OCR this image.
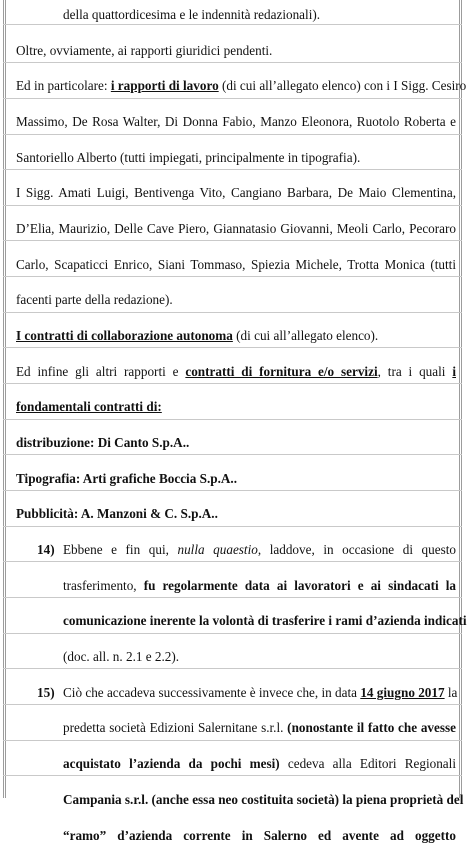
della quattordicesima e le indennità redazionali).
Oltre, ovviamente, ai rapporti giuridici pendenti.
Ed in particolare: i rapporti di lavoro (di cui all’allegato elenco) con i I Sigg. Cesiro
Massimo, De Rosa Walter, Di Donna Fabio, Manzo Eleonora, Ruotolo Roberta e
Santoriello Alberto (tutti impiegati, principalmente in tipografia).
I Sigg. Amati Luigi, Bentivenga Vito, Cangiano Barbara, De Maio Clementina,
D’Elia, Maurizio, Delle Cave Piero, Giannatasio Giovanni, Meoli Carlo, Pecoraro
Carlo, Scapaticci Enrico, Siani Tommaso, Spiezia Michele, Trotta Monica (tutti
facenti parte della redazione).
I contratti di collaborazione autonoma (di cui all’allegato elenco).
Ed infine gli altri rapporti e contratti di fornitura e/o servizi, tra i quali i
fondamentali contratti di:
distribuzione: Di Canto S.p.A..
Tipografia: Arti grafiche Boccia S.p.A..
Pubblicità: A. Manzoni & C. S.p.A..
14) Ebbene e fin qui, nulla quaestio, laddove, in occasione di questo
trasferimento, fu regolarmente data ai lavoratori e ai sindacati la
comunicazione inerente la volontà di trasferire i rami d’azienda indicati
(doc. all. n. 2.1 e 2.2).
15) Ciò che accadeva successivamente è invece che, in data 14 giugno 2017 la
predetta società Edizioni Salernitane s.r.l. (nonostante il fatto che avesse
acquistato l’azienda da pochi mesi) cedeva alla Editori Regionali
Campania s.r.l. (anche essa neo costituita società) la piena proprietà del
“ramo” d’azienda corrente in Salerno ed avente ad oggetto
